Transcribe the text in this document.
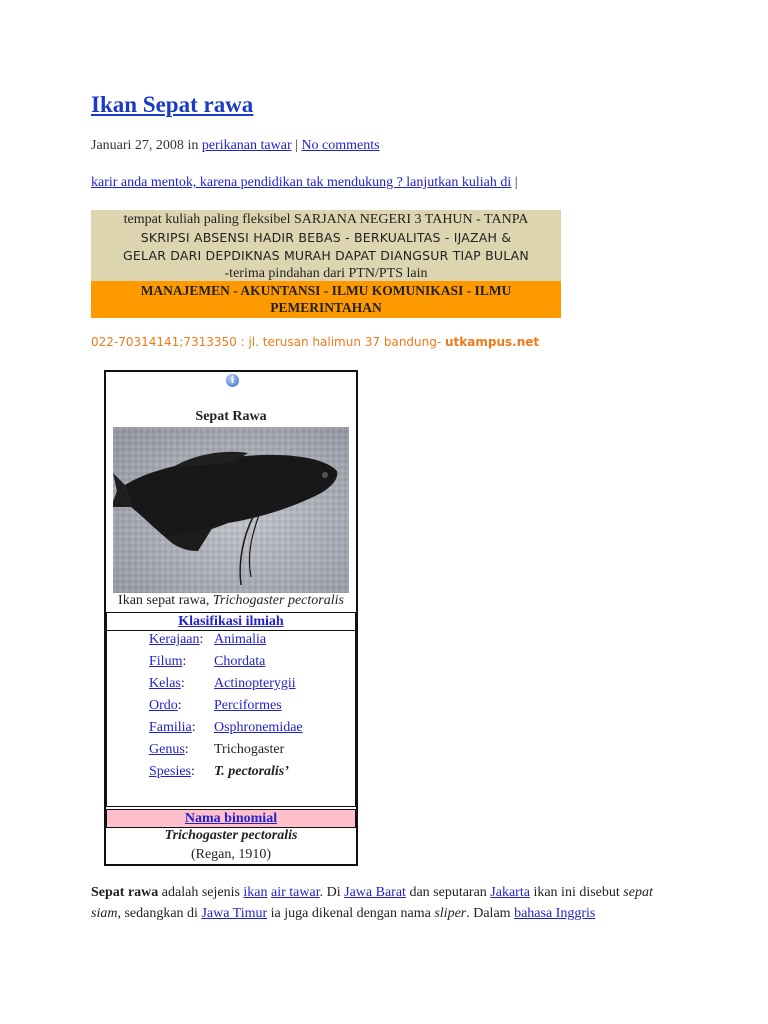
Ikan Sepat rawa
Januari 27, 2008 in perikanan tawar | No comments
karir anda mentok, karena pendidikan tak mendukung ? lanjutkan kuliah di |
tempat kuliah paling fleksibel SARJANA NEGERI 3 TAHUN - TANPA
SKRIPSI ABSENSI HADIR BEBAS - BERKUALITAS - IJAZAH &
GELAR DARI DEPDIKNAS MURAH DAPAT DIANGSUR TIAP BULAN
-terima pindahan dari PTN/PTS lain
MANAJEMEN - AKUNTANSI - ILMU KOMUNIKASI - ILMU
PEMERINTAHAN
022-70314141;7313350 : jl. terusan halimun 37 bandung- utkampus.net
i
Sepat Rawa
Ikan sepat rawa, Trichogaster pectoralis
Klasifikasi ilmiah
Kerajaan: Animalia
Filum: Chordata
Kelas: Actinopterygii
Ordo: Perciformes
Familia: Osphronemidae
Genus: Trichogaster
Spesies: T. pectoralis’
Nama binomial
Trichogaster pectoralis
(Regan, 1910)
Sepat rawa adalah sejenis ikan air tawar. Di Jawa Barat dan seputaran Jakarta ikan ini disebut sepat siam, sedangkan di Jawa Timur ia juga dikenal dengan nama sliper. Dalam bahasa Inggris
